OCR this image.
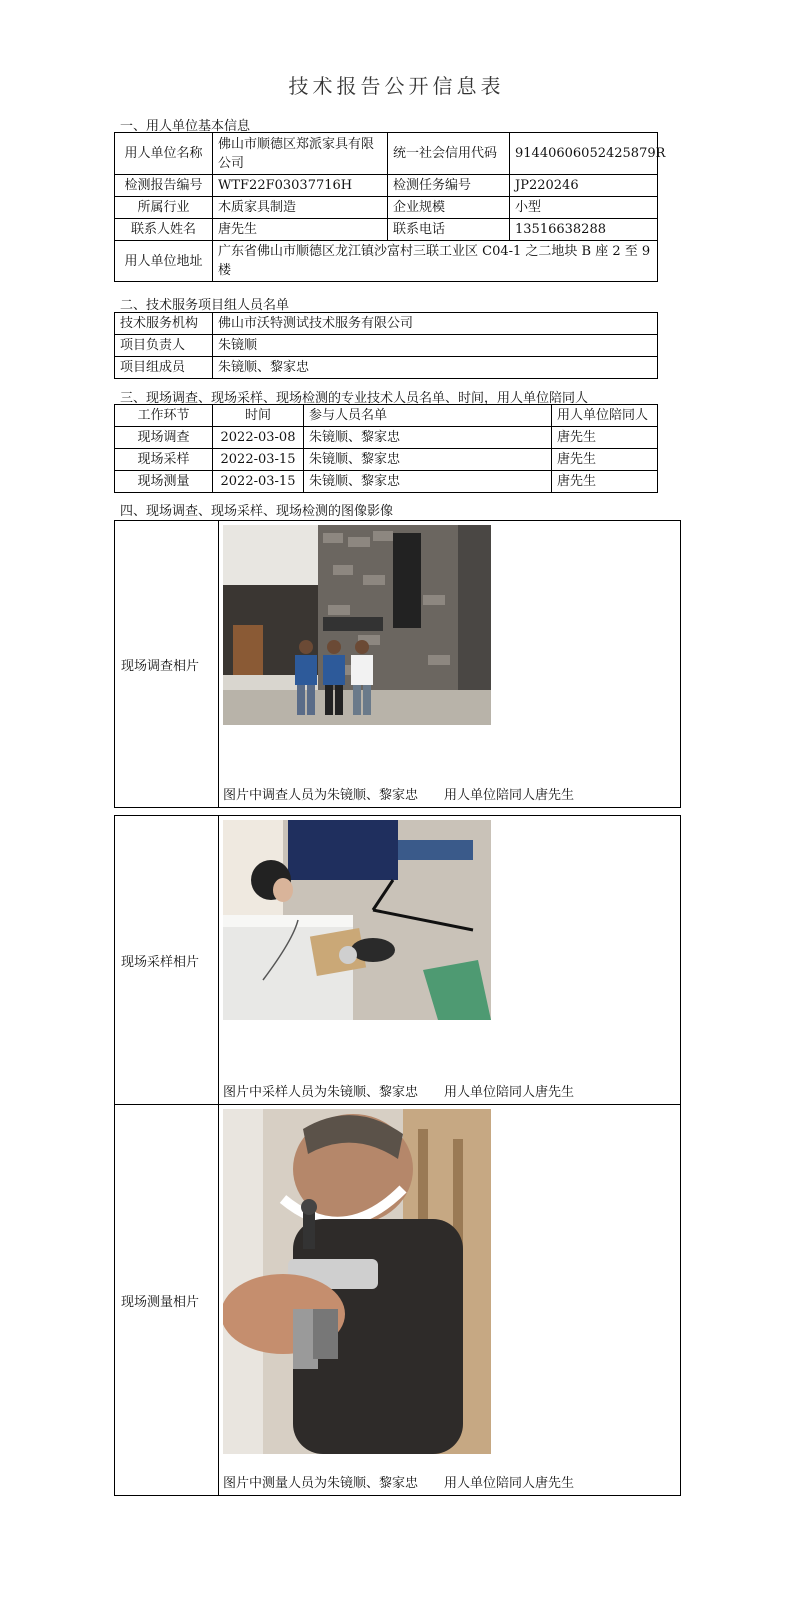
技术报告公开信息表
一、用人单位基本信息
用人单位名称	佛山市顺德区郑派家具有限公司	统一社会信用代码	91440606052425879R
检测报告编号	WTF22F03037716H	检测任务编号	JP220246
所属行业	木质家具制造	企业规模	小型
联系人姓名	唐先生	联系电话	13516638288
用人单位地址	广东省佛山市顺德区龙江镇沙富村三联工业区 C04-1 之二地块 B 座 2 至 9 楼		
二、技术服务项目组人员名单
技术服务机构	佛山市沃特测试技术服务有限公司
项目负责人	朱镜顺
项目组成员	朱镜顺、黎家忠
三、现场调查、现场采样、现场检测的专业技术人员名单、时间，用人单位陪同人
工作环节	时间	参与人员名单	用人单位陪同人
现场调查	2022-03-08	朱镜顺、黎家忠	唐先生
现场采样	2022-03-15	朱镜顺、黎家忠	唐先生
现场测量	2022-03-15	朱镜顺、黎家忠	唐先生
四、现场调查、现场采样、现场检测的图像影像
现场调查相片	
图片中调查人员为朱镜顺、黎家忠　　用人单位陪同人唐先生
现场采样相片	图片中采样人员为朱镜顺、黎家忠　　用人单位陪同人唐先生

现场测量相片	图片中测量人员为朱镜顺、黎家忠　　用人单位陪同人唐先生
